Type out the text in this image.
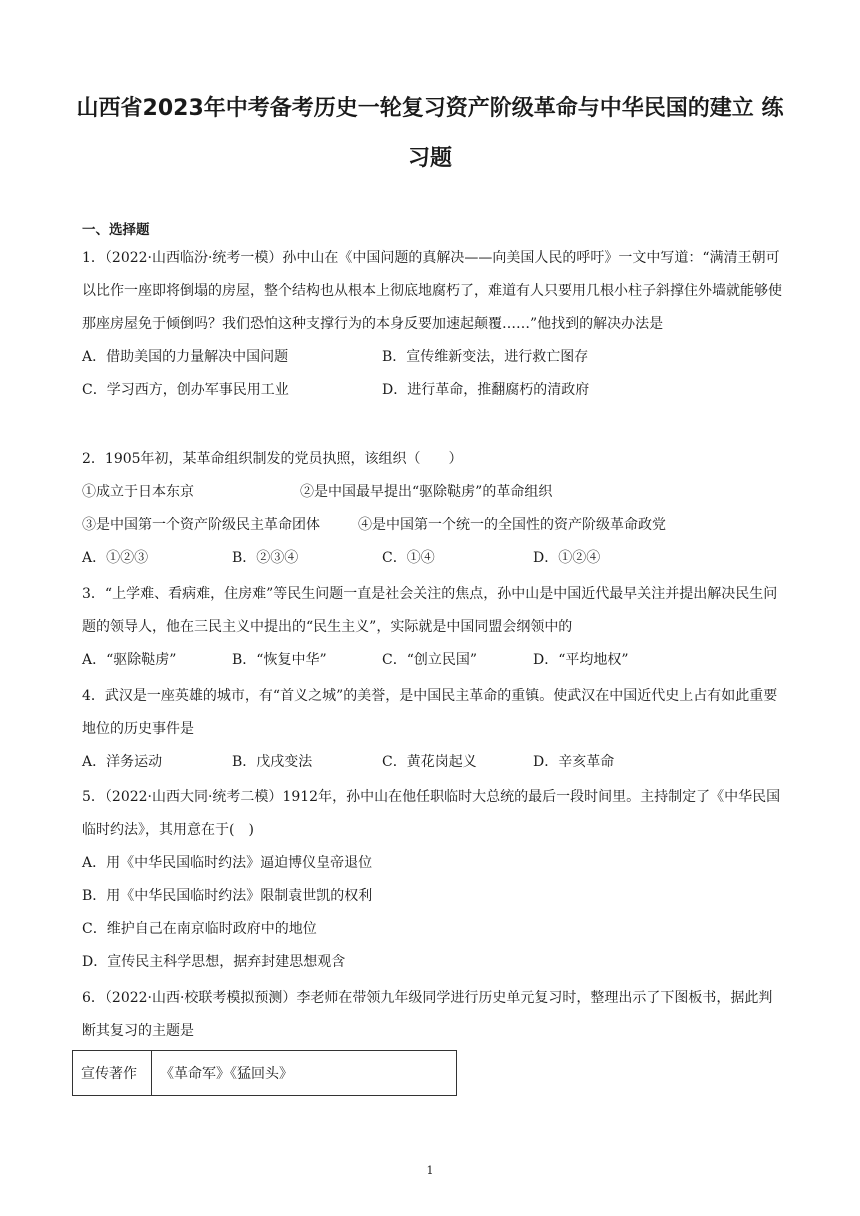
山西省2023年中考备考历史一轮复习资产阶级革命与中华民国的建立 练习题
一、选择题

1．（2022·山西临汾·统考一模）孙中山在《中国问题的真解决——向美国人民的呼吁》一文中写道：“满清王朝可以比作一座即将倒塌的房屋，整个结构也从根本上彻底地腐朽了，难道有人只要用几根小柱子斜撑住外墙就能够使那座房屋免于倾倒吗？我们恐怕这种支撑行为的本身反要加速起颠覆……”他找到的解决办法是

A．借助美国的力量解决中国问题	B．宣传维新变法，进行救亡图存
C．学习西方，创办军事民用工业	D．进行革命，推翻腐朽的清政府

2．1905年初，某革命组织制发的党员执照，该组织（　　）

①成立于日本东京	②是中国最早提出“驱除鞑虏”的革命组织
③是中国第一个资产阶级民主革命团体	④是中国第一个统一的全国性的资产阶级革命政党
A．①②③	B．②③④	C．①④	D．①②④

3．“上学难、看病难，住房难”等民生问题一直是社会关注的焦点，孙中山是中国近代最早关注并提出解决民生问题的领导人，他在三民主义中提出的“民生主义”，实际就是中国同盟会纲领中的

A．“驱除鞑虏”	B．“恢复中华”	C．“创立民国”	D．“平均地权”

4．武汉是一座英雄的城市，有“首义之城”的美誉，是中国民主革命的重镇。使武汉在中国近代史上占有如此重要地位的历史事件是

A．洋务运动	B．戊戌变法	C．黄花岗起义	D．辛亥革命

5．（2022·山西大同·统考二模）1912年，孙中山在他任职临时大总统的最后一段时间里。主持制定了《中华民国临时约法》，其用意在于(　)

A．用《中华民国临时约法》逼迫博仪皇帝退位
B．用《中华民国临时约法》限制袁世凯的权利
C．维护自己在南京临时政府中的地位
D．宣传民主科学思想，据弃封建思想观含

6．（2022·山西·校联考模拟预测）李老师在带领九年级同学进行历史单元复习时，整理出示了下图板书，据此判断其复习的主题是

宣传著作	《革命军》《猛回头》
1
